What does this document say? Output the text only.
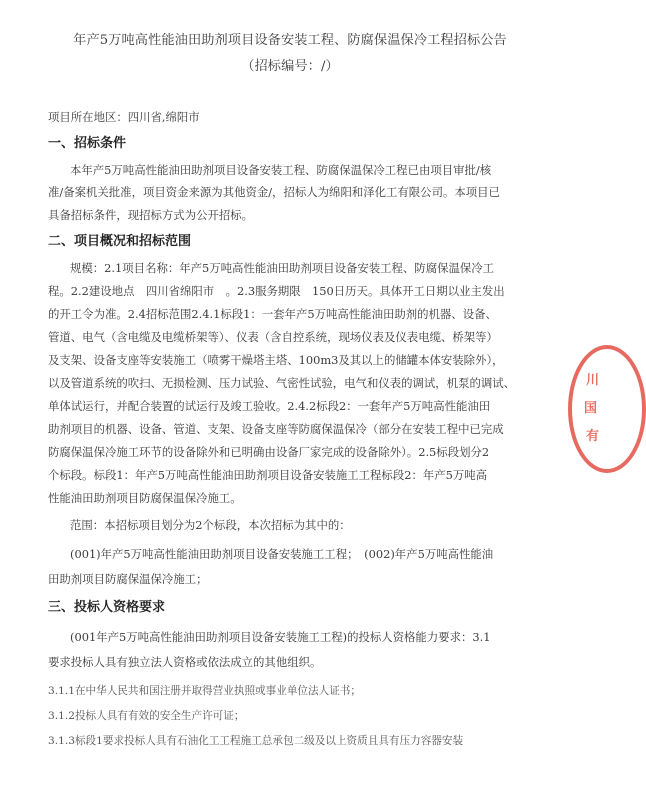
年产5万吨高性能油田助剂项目设备安装工程、防腐保温保冷工程招标公告
（招标编号：/）
项目所在地区：四川省,绵阳市
一、招标条件
本年产5万吨高性能油田助剂项目设备安装工程、防腐保温保冷工程已由项目审批/核
准/备案机关批准，项目资金来源为其他资金/，招标人为绵阳和泽化工有限公司。本项目已
具备招标条件，现招标方式为公开招标。
二、项目概况和招标范围
规模：2.1项目名称：年产5万吨高性能油田助剂项目设备安装工程、防腐保温保冷工
程。2.2建设地点　四川省绵阳市　。2.3服务期限　150日历天。具体开工日期以业主发出
的开工令为准。2.4招标范围2.4.1标段1：一套年产5万吨高性能油田助剂的机器、设备、
管道、电气（含电缆及电缆桥架等）、仪表（含自控系统，现场仪表及仪表电缆、桥架等）
及支架、设备支座等安装施工（喷雾干燥塔主塔、100m3及其以上的储罐本体安装除外），
以及管道系统的吹扫、无损检测、压力试验、气密性试验，电气和仪表的调试，机泵的调试、
单体试运行，并配合装置的试运行及竣工验收。2.4.2标段2：一套年产5万吨高性能油田
助剂项目的机器、设备、管道、支架、设备支座等防腐保温保冷（部分在安装工程中已完成
防腐保温保冷施工环节的设备除外和已明确由设备厂家完成的设备除外）。2.5标段划分2
个标段。标段1：年产5万吨高性能油田助剂项目设备安装施工工程标段2：年产5万吨高
性能油田助剂项目防腐保温保冷施工。
范围：本招标项目划分为2个标段，本次招标为其中的：
(001)年产5万吨高性能油田助剂项目设备安装施工工程；　(002)年产5万吨高性能油
田助剂项目防腐保温保冷施工；
三、投标人资格要求
(001年产5万吨高性能油田助剂项目设备安装施工工程)的投标人资格能力要求：3.1
要求投标人具有独立法人资格或依法成立的其他组织。
3.1.1在中华人民共和国注册并取得营业执照或事业单位法人证书；
3.1.2投标人具有有效的安全生产许可证；
3.1.3标段1要求投标人具有石油化工工程施工总承包二级及以上资质且具有压力容器安装
川
国
有
